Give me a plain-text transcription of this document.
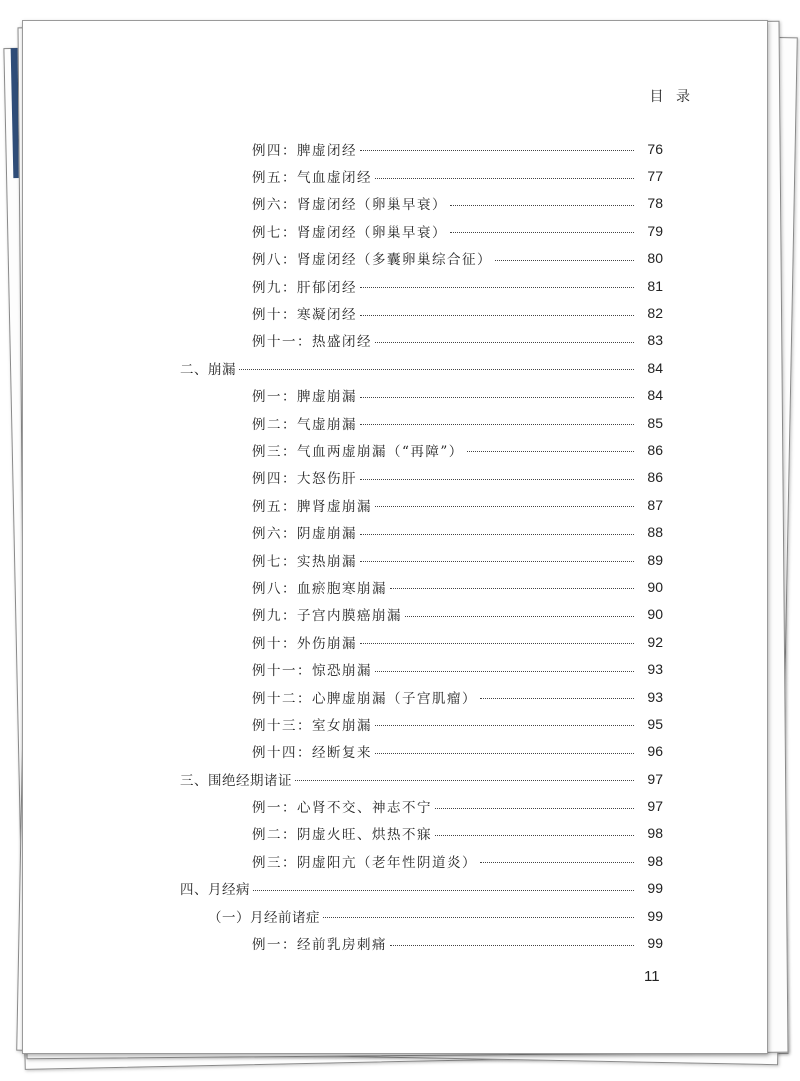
目 录
例四：脾虚闭经	76
例五：气血虚闭经	77
例六：肾虚闭经（卵巢早衰）	78
例七：肾虚闭经（卵巢早衰）	79
例八：肾虚闭经（多囊卵巢综合征）	80
例九：肝郁闭经	81
例十：寒凝闭经	82
例十一：热盛闭经	83
二、崩漏	84
例一：脾虚崩漏	84
例二：气虚崩漏	85
例三：气血两虚崩漏（“再障”）	86
例四：大怒伤肝	86
例五：脾肾虚崩漏	87
例六：阴虚崩漏	88
例七：实热崩漏	89
例八：血瘀胞寒崩漏	90
例九：子宫内膜癌崩漏	90
例十：外伤崩漏	92
例十一：惊恐崩漏	93
例十二：心脾虚崩漏（子宫肌瘤）	93
例十三：室女崩漏	95
例十四：经断复来	96
三、围绝经期诸证	97
例一：心肾不交、神志不宁	97
例二：阴虚火旺、烘热不寐	98
例三：阴虚阳亢（老年性阴道炎）	98
四、月经病	99
（一）月经前诸症	99
例一：经前乳房刺痛	99
11
